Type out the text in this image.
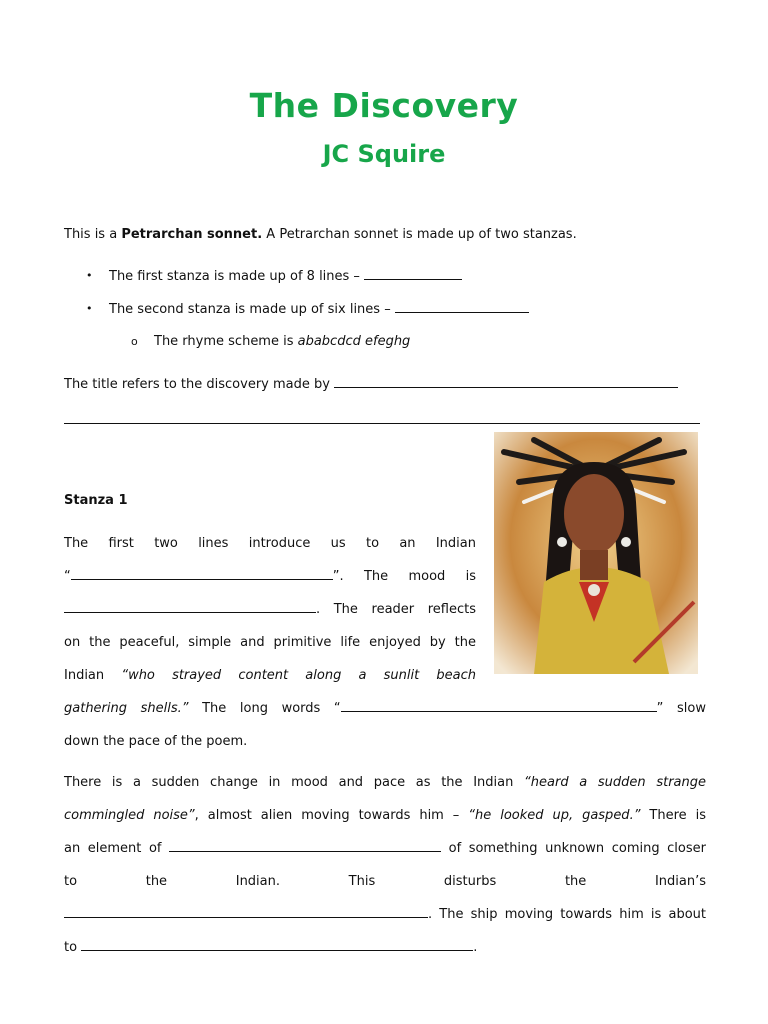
The Discovery
JC Squire
This is a Petrarchan sonnet. A Petrarchan sonnet is made up of two stanzas.
• The first stanza is made up of 8 lines –
• The second stanza is made up of six lines –
o The rhyme scheme is ababcdcd efeghg
The title refers to the discovery made by
Stanza 1
The first two lines introduce us to an Indian
“	”. The mood is
. The reader reflects
on the peaceful, simple and primitive life enjoyed by the
Indian “who strayed content along a sunlit beach
gathering shells.” The long words “	” slow
down the pace of the poem.
There is a sudden change in mood and pace as the Indian “heard a sudden strange
commingled noise”, almost alien moving towards him – “he looked up, gasped.” There is
an element of	of something unknown coming closer
to the Indian. This disturbs the Indian’s
. The ship moving towards him is about
to	.
